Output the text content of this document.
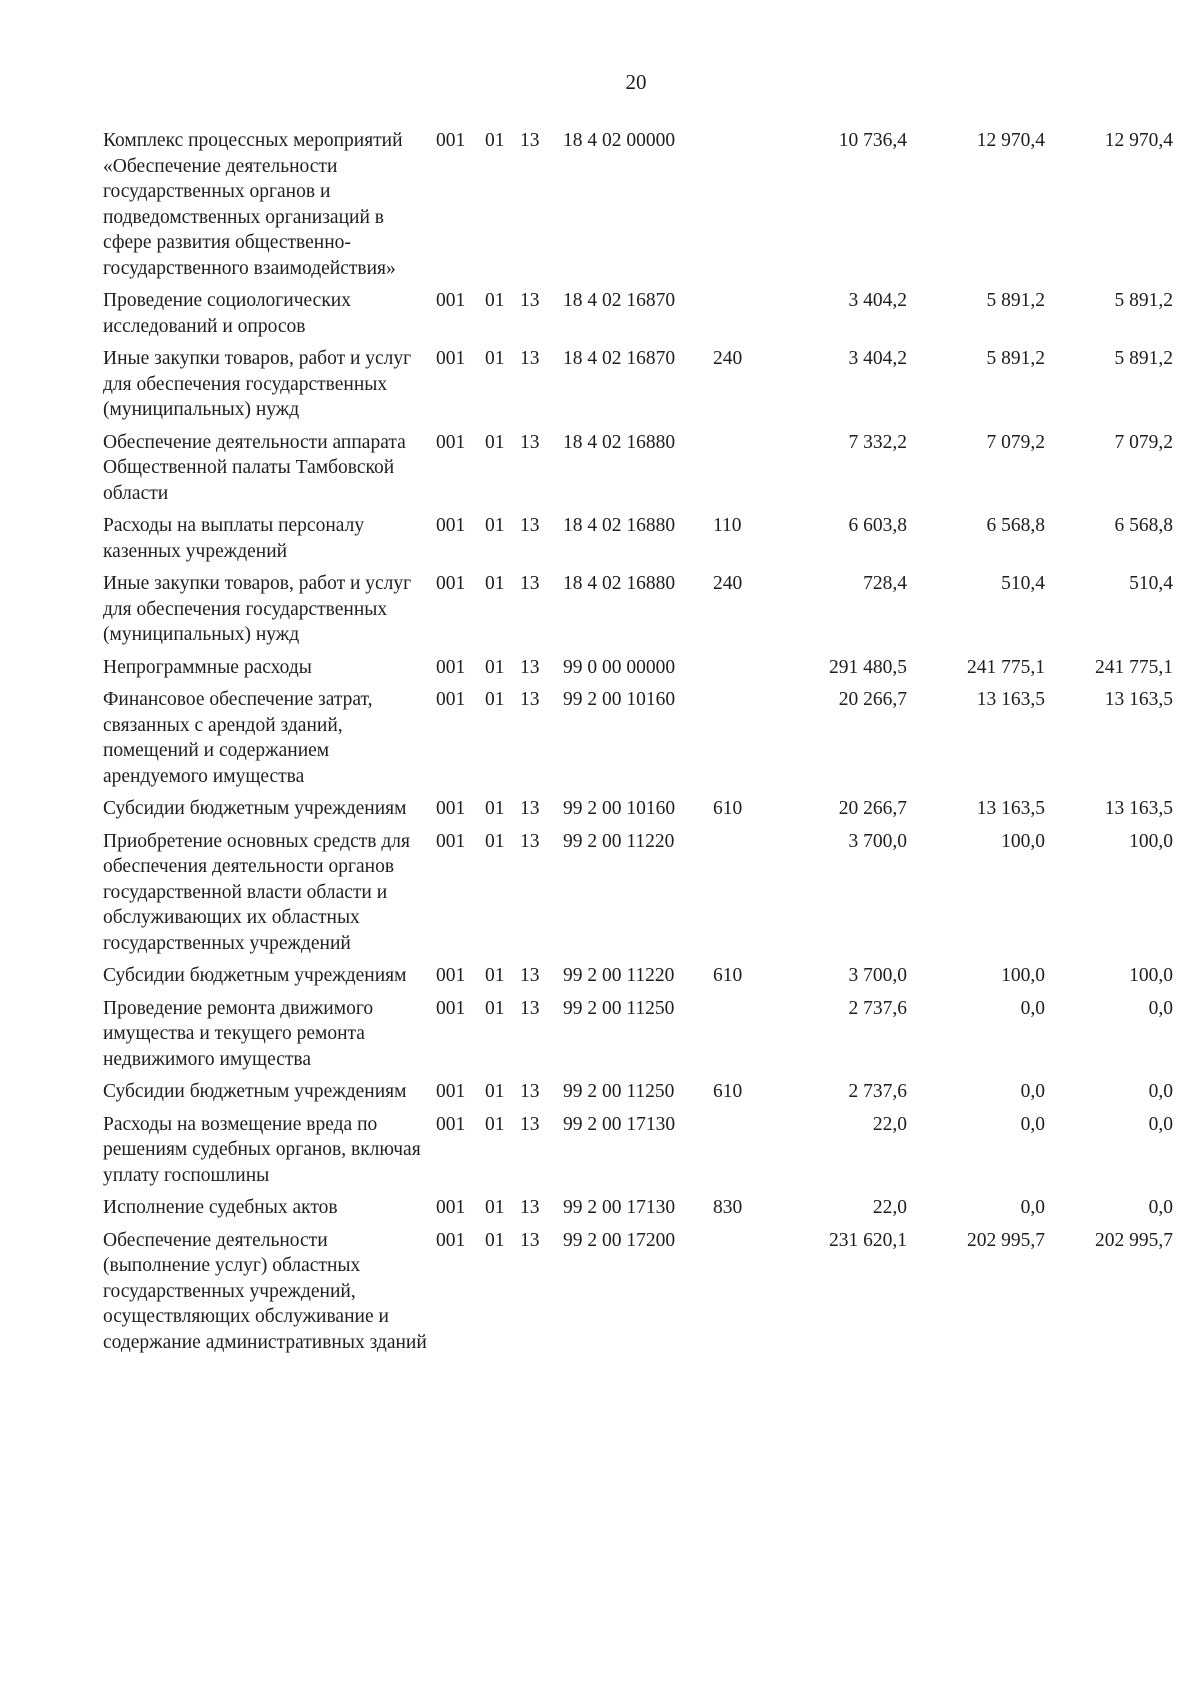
20
Комплекс процессных мероприятий «Обеспечение деятельности государственных органов и подведомственных организаций в сфере развития общественно-государственного взаимодействия»	001	01	13	18 4 02 00000		10 736,4	12 970,4	12 970,4
Проведение социологических исследований и опросов	001	01	13	18 4 02 16870		3 404,2	5 891,2	5 891,2
Иные закупки товаров, работ и услуг для обеспечения государственных (муниципальных) нужд	001	01	13	18 4 02 16870	240	3 404,2	5 891,2	5 891,2
Обеспечение деятельности аппарата Общественной палаты Тамбовской области	001	01	13	18 4 02 16880		7 332,2	7 079,2	7 079,2
Расходы на выплаты персоналу казенных учреждений	001	01	13	18 4 02 16880	110	6 603,8	6 568,8	6 568,8
Иные закупки товаров, работ и услуг для обеспечения государственных (муниципальных) нужд	001	01	13	18 4 02 16880	240	728,4	510,4	510,4
Непрограммные расходы	001	01	13	99 0 00 00000		291 480,5	241 775,1	241 775,1
Финансовое обеспечение затрат, связанных с арендой зданий, помещений и содержанием арендуемого имущества	001	01	13	99 2 00 10160		20 266,7	13 163,5	13 163,5
Субсидии бюджетным учреждениям	001	01	13	99 2 00 10160	610	20 266,7	13 163,5	13 163,5
Приобретение основных средств для обеспечения деятельности органов государственной власти области и обслуживающих их областных государственных учреждений	001	01	13	99 2 00 11220		3 700,0	100,0	100,0
Субсидии бюджетным учреждениям	001	01	13	99 2 00 11220	610	3 700,0	100,0	100,0
Проведение ремонта движимого имущества и текущего ремонта недвижимого имущества	001	01	13	99 2 00 11250		2 737,6	0,0	0,0
Субсидии бюджетным учреждениям	001	01	13	99 2 00 11250	610	2 737,6	0,0	0,0
Расходы на возмещение вреда по решениям судебных органов, включая уплату госпошлины	001	01	13	99 2 00 17130		22,0	0,0	0,0
Исполнение судебных актов	001	01	13	99 2 00 17130	830	22,0	0,0	0,0
Обеспечение деятельности (выполнение услуг) областных государственных учреждений, осуществляющих обслуживание и содержание административных зданий	001	01	13	99 2 00 17200		231 620,1	202 995,7	202 995,7
